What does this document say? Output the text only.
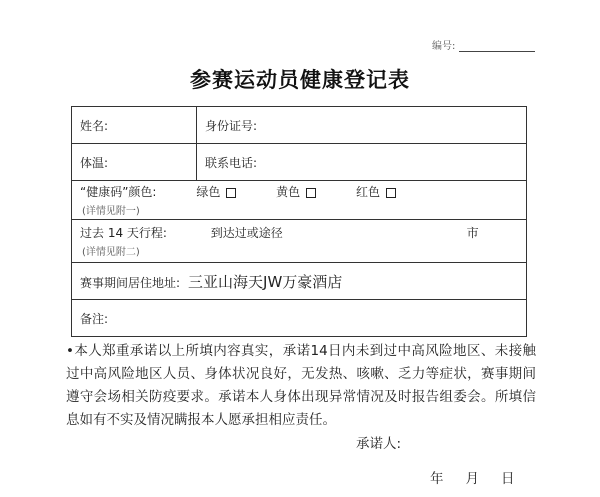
编号:
参赛运动员健康登记表
姓名:	身份证号:
体温:	联系电话:
“健康码”颜色: 绿色 黄色 红色
(详情见附一)	

过去 14 天行程: 到达过或途径 市
(详情见附二)	

赛事期间居住地址: 三亚山海天JW万豪酒店	
备注:	
•本人郑重承诺以上所填内容真实，承诺14日内未到过中高风险地区、未接触过中高风险地区人员、身体状况良好，无发热、咳嗽、乏力等症状，赛事期间遵守会场相关防疫要求。承诺本人身体出现异常情况及时报告组委会。所填信息如有不实及情况瞒报本人愿承担相应责任。
承诺人:
年 月 日
